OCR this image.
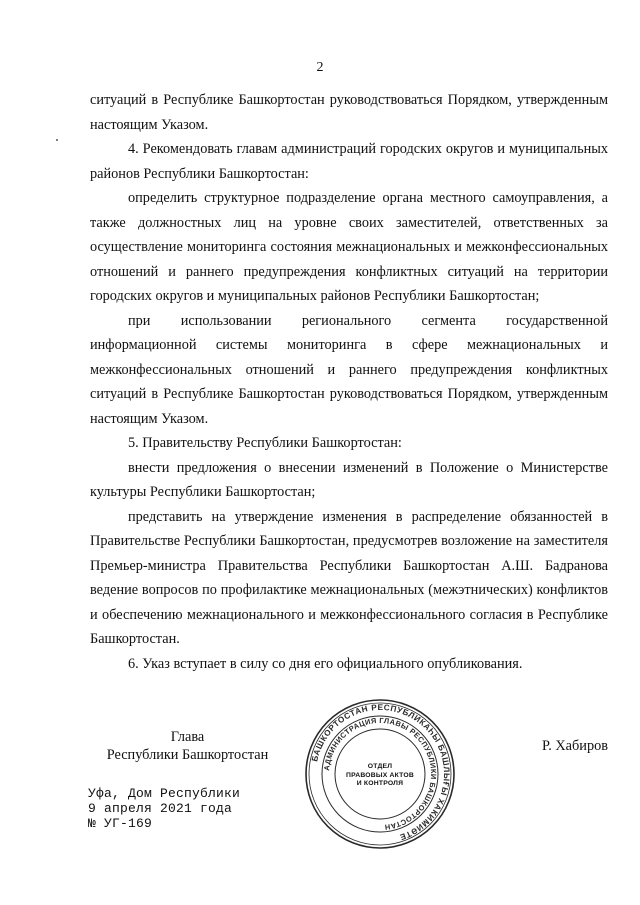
2

ситуаций в Республике Башкортостан руководствоваться Порядком, утвержденным настоящим Указом.

4. Рекомендовать главам администраций городских округов и муниципальных районов Республики Башкортостан:

определить структурное подразделение органа местного самоуправления, а также должностных лиц на уровне своих заместителей, ответственных за осуществление мониторинга состояния межнациональных и межконфессиональных отношений и раннего предупреждения конфликтных ситуаций на территории городских округов и муниципальных районов Республики Башкортостан;

при использовании регионального сегмента государственной информационной системы мониторинга в сфере межнациональных и межконфессиональных отношений и раннего предупреждения конфликтных ситуаций в Республике Башкортостан руководствоваться Порядком, утвержденным настоящим Указом.

5. Правительству Республики Башкортостан:

внести предложения о внесении изменений в Положение о Министерстве культуры Республики Башкортостан;

представить на утверждение изменения в распределение обязанностей в Правительстве Республики Башкортостан, предусмотрев возложение на заместителя Премьер-министра Правительства Республики Башкортостан А.Ш. Бадранова ведение вопросов по профилактике межнациональных (межэтнических) конфликтов и обеспечению межнационального и межконфессионального согласия в Республике Башкортостан.

6. Указ вступает в силу со дня его официального опубликования.

Глава
Республики Башкортостан
Р. Хабиров
Уфа, Дом Республики
9 апреля 2021 года
№ УГ-169
БАШКОРТОСТАН РЕСПУБЛИКАҺЫ БАШЛЫҒЫ ХАКИМИӘТЕ
АДМИНИСТРАЦИЯ ГЛАВЫ РЕСПУБЛИКИ БАШКОРТОСТАН
ОТДЕЛ
ПРАВОВЫХ АКТОВ
И КОНТРОЛЯ
